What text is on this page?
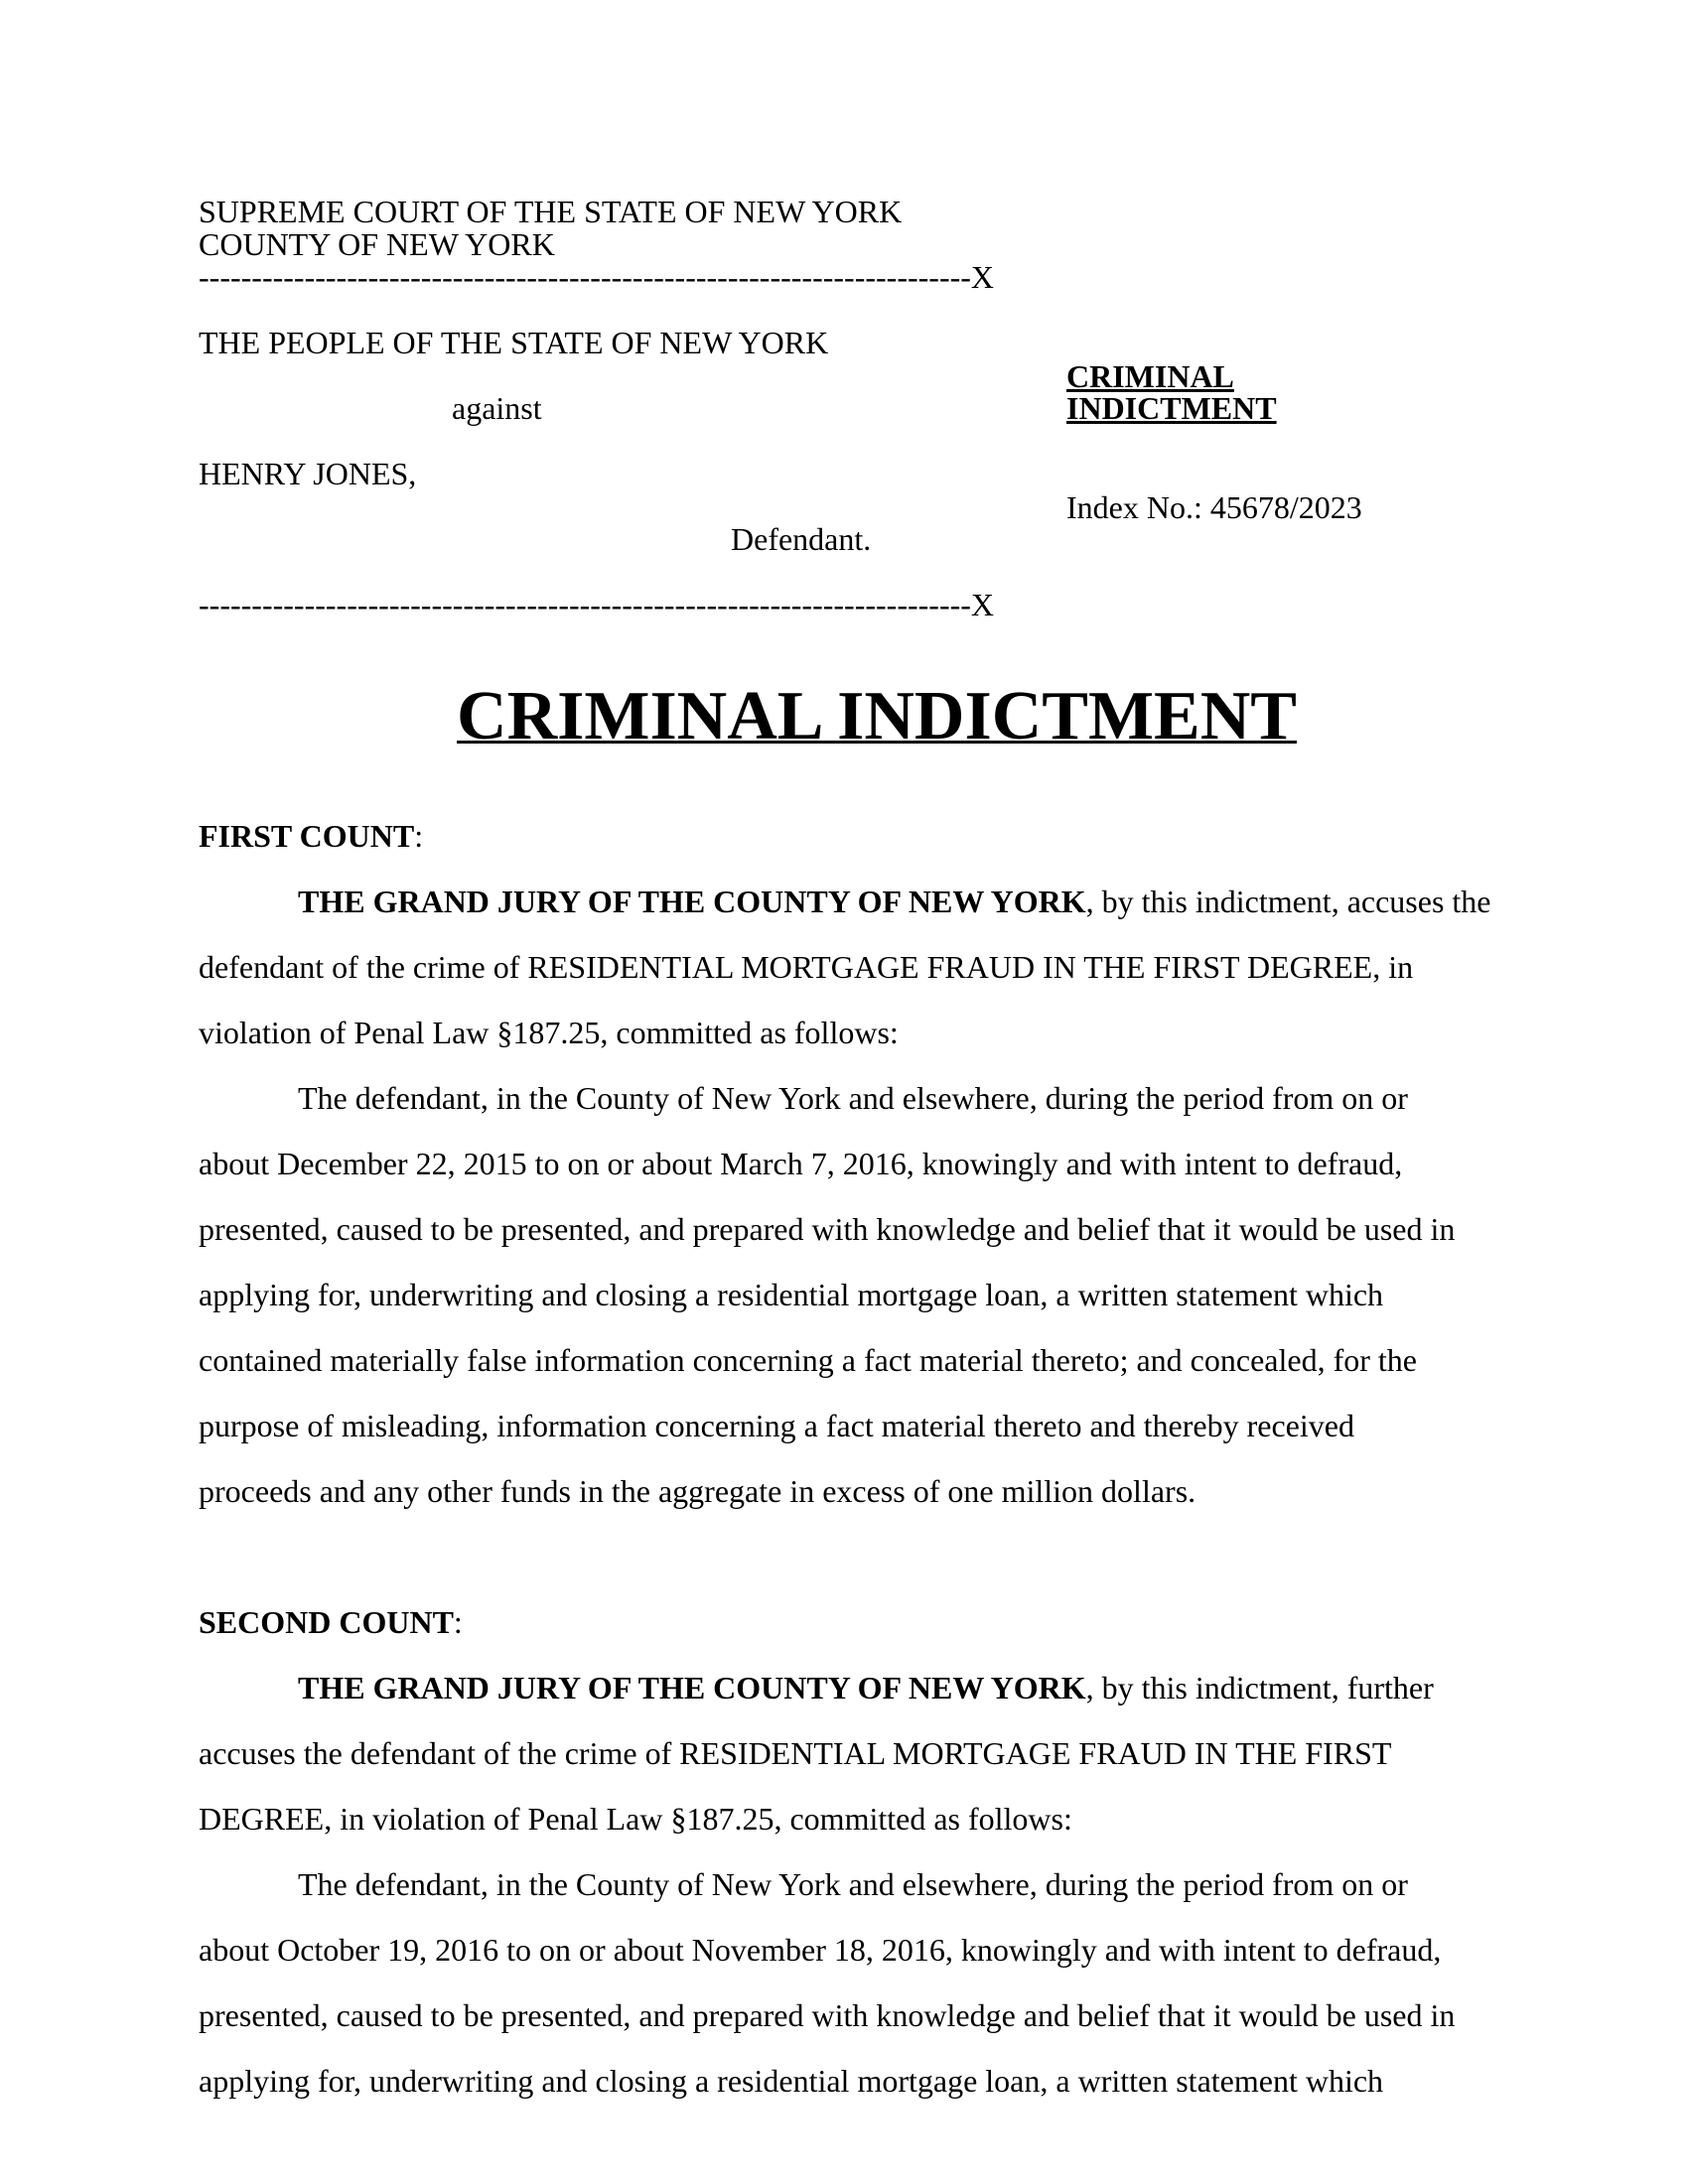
SUPREME COURT OF THE STATE OF NEW YORK
COUNTY OF NEW YORK
-------------------------------------------------------------------------X
THE PEOPLE OF THE STATE OF NEW YORK
against
HENRY JONES,
Defendant.
-------------------------------------------------------------------------X
CRIMINAL
INDICTMENT
Index No.: 45678/2023
CRIMINAL INDICTMENT
FIRST COUNT:
THE GRAND JURY OF THE COUNTY OF NEW YORK, by this indictment, accuses the
defendant of the crime of RESIDENTIAL MORTGAGE FRAUD IN THE FIRST DEGREE, in
violation of Penal Law §187.25, committed as follows:
The defendant, in the County of New York and elsewhere, during the period from on or
about December 22, 2015 to on or about March 7, 2016, knowingly and with intent to defraud,
presented, caused to be presented, and prepared with knowledge and belief that it would be used in
applying for, underwriting and closing a residential mortgage loan, a written statement which
contained materially false information concerning a fact material thereto; and concealed, for the
purpose of misleading, information concerning a fact material thereto and thereby received
proceeds and any other funds in the aggregate in excess of one million dollars.
SECOND COUNT:
THE GRAND JURY OF THE COUNTY OF NEW YORK, by this indictment, further
accuses the defendant of the crime of RESIDENTIAL MORTGAGE FRAUD IN THE FIRST
DEGREE, in violation of Penal Law §187.25, committed as follows:
The defendant, in the County of New York and elsewhere, during the period from on or
about October 19, 2016 to on or about November 18, 2016, knowingly and with intent to defraud,
presented, caused to be presented, and prepared with knowledge and belief that it would be used in
applying for, underwriting and closing a residential mortgage loan, a written statement which
